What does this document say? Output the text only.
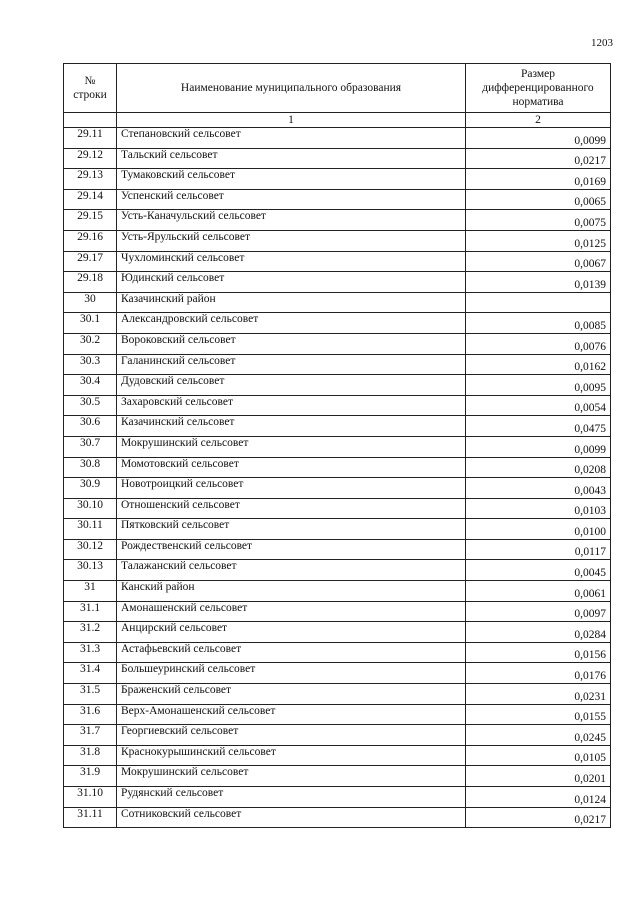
1203
№ строки	Наименование муниципального образования	Размер дифференцированного норматива
	1	2
29.11	Степановский сельсовет	0,0099
29.12	Тальский сельсовет	0,0217
29.13	Тумаковский сельсовет	0,0169
29.14	Успенский сельсовет	0,0065
29.15	Усть-Каначульский сельсовет	0,0075
29.16	Усть-Ярульский сельсовет	0,0125
29.17	Чухломинский сельсовет	0,0067
29.18	Юдинский сельсовет	0,0139
30	Казачинский район	
30.1	Александровский сельсовет	0,0085
30.2	Вороковский сельсовет	0,0076
30.3	Галанинский сельсовет	0,0162
30.4	Дудовский сельсовет	0,0095
30.5	Захаровский сельсовет	0,0054
30.6	Казачинский сельсовет	0,0475
30.7	Мокрушинский сельсовет	0,0099
30.8	Момотовский сельсовет	0,0208
30.9	Новотроицкий сельсовет	0,0043
30.10	Отношенский сельсовет	0,0103
30.11	Пятковский сельсовет	0,0100
30.12	Рождественский сельсовет	0,0117
30.13	Талажанский сельсовет	0,0045
31	Канский район	0,0061
31.1	Амонашенский сельсовет	0,0097
31.2	Анцирский сельсовет	0,0284
31.3	Астафьевский сельсовет	0,0156
31.4	Большеуринский сельсовет	0,0176
31.5	Браженский сельсовет	0,0231
31.6	Верх-Амонашенский сельсовет	0,0155
31.7	Георгиевский сельсовет	0,0245
31.8	Краснокурышинский сельсовет	0,0105
31.9	Мокрушинский сельсовет	0,0201
31.10	Рудянский сельсовет	0,0124
31.11	Сотниковский сельсовет	0,0217
